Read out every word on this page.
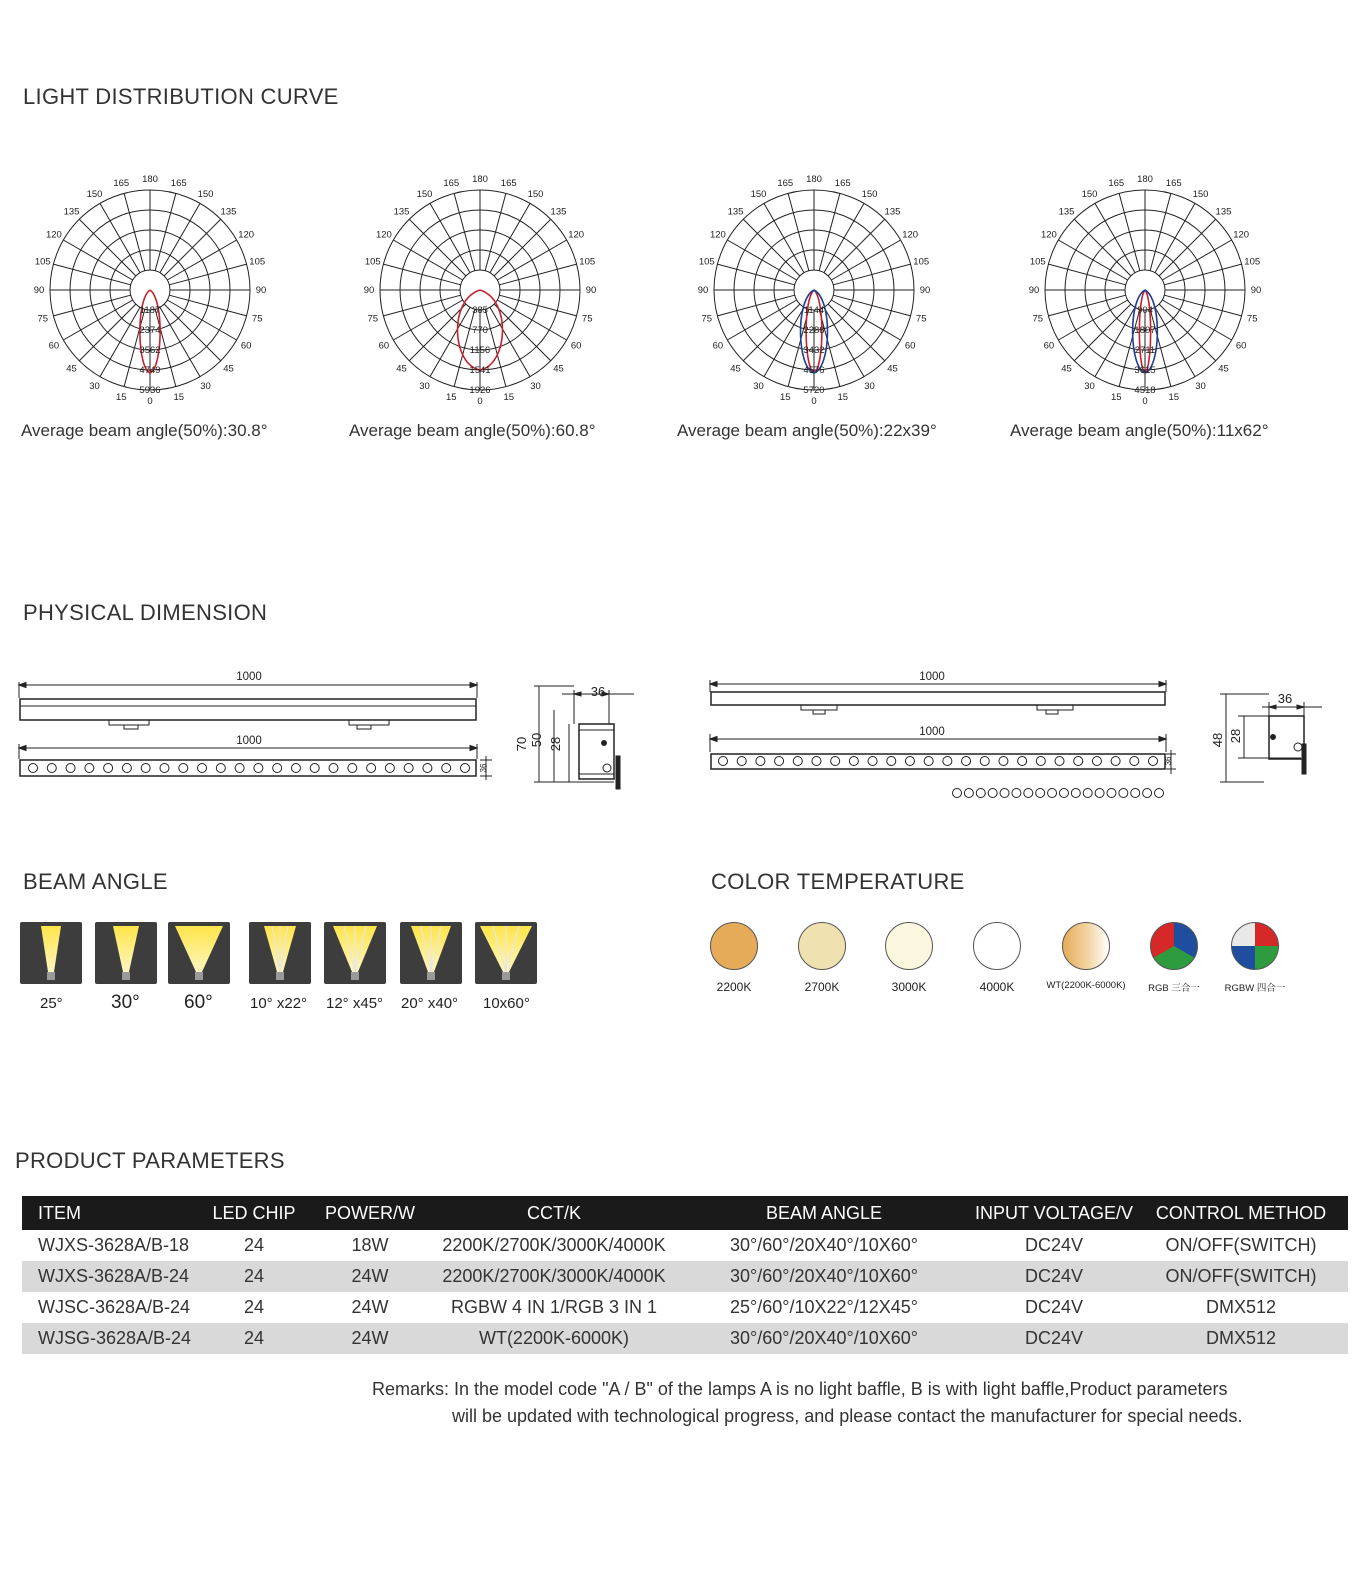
LIGHT DISTRIBUTION CURVE
PHYSICAL DIMENSION
BEAM ANGLE	COLOR TEMPERATURE
PRODUCT PARAMETERS
180 165
165
150
150
135
135
120
120
105
105
90
90
75
75
60
60
45
45
30
30
15
15 0
1187
2374
3562
4749
5936
180 165
165
150
150
135
135
120
120
105
105
90
90
75
75
60
60
45
45
30
30
15
15 0
385
770
1156
1541
1926
180 165
165
150
150
135
135
120
120
105
105
90
90
75
75
60
60
45
45
30
30
15
15 0
1144
2288
3432
4576
5720
180 165
165
150
150
135
135
120
120
105
105
90
90
75
75
60
60
45
45
30
30
15
15 0
904
1807
2711
3615
4518
Average beam angle(50%):30.8°	Average beam angle(50%):60.8°	Average beam angle(50%):22x39°	Average beam angle(50%):11x62°
1000
1000
36
70 50 28
36
1000
1000
36
48 28
36
25°	30° 60° 10° x22° 12° x45° 20° x40° 10x60°
2200K	2700K	3000K	4000K	WT(2200K-6000K)	RGB 三合一	RGBW 四合一
ITEM	LED CHIP	POWER/W	CCT/K	BEAM ANGLE	INPUT VOLTAGE/V	CONTROL METHOD
WJXS-3628A/B-18	24	18W	2200K/2700K/3000K/4000K	30°/60°/20X40°/10X60°	DC24V	ON/OFF(SWITCH)
WJXS-3628A/B-24	24	24W	2200K/2700K/3000K/4000K	30°/60°/20X40°/10X60°	DC24V	ON/OFF(SWITCH)
WJSC-3628A/B-24	24	24W	RGBW 4 IN 1/RGB 3 IN 1	25°/60°/10X22°/12X45°	DC24V	DMX512
WJSG-3628A/B-24	24	24W	WT(2200K-6000K)	30°/60°/20X40°/10X60°	DC24V	DMX512
Remarks: In the model code "A / B" of the lamps A is no light baffle, B is with light baffle,Product parameters
will be updated with technological progress, and please contact the manufacturer for special needs.
